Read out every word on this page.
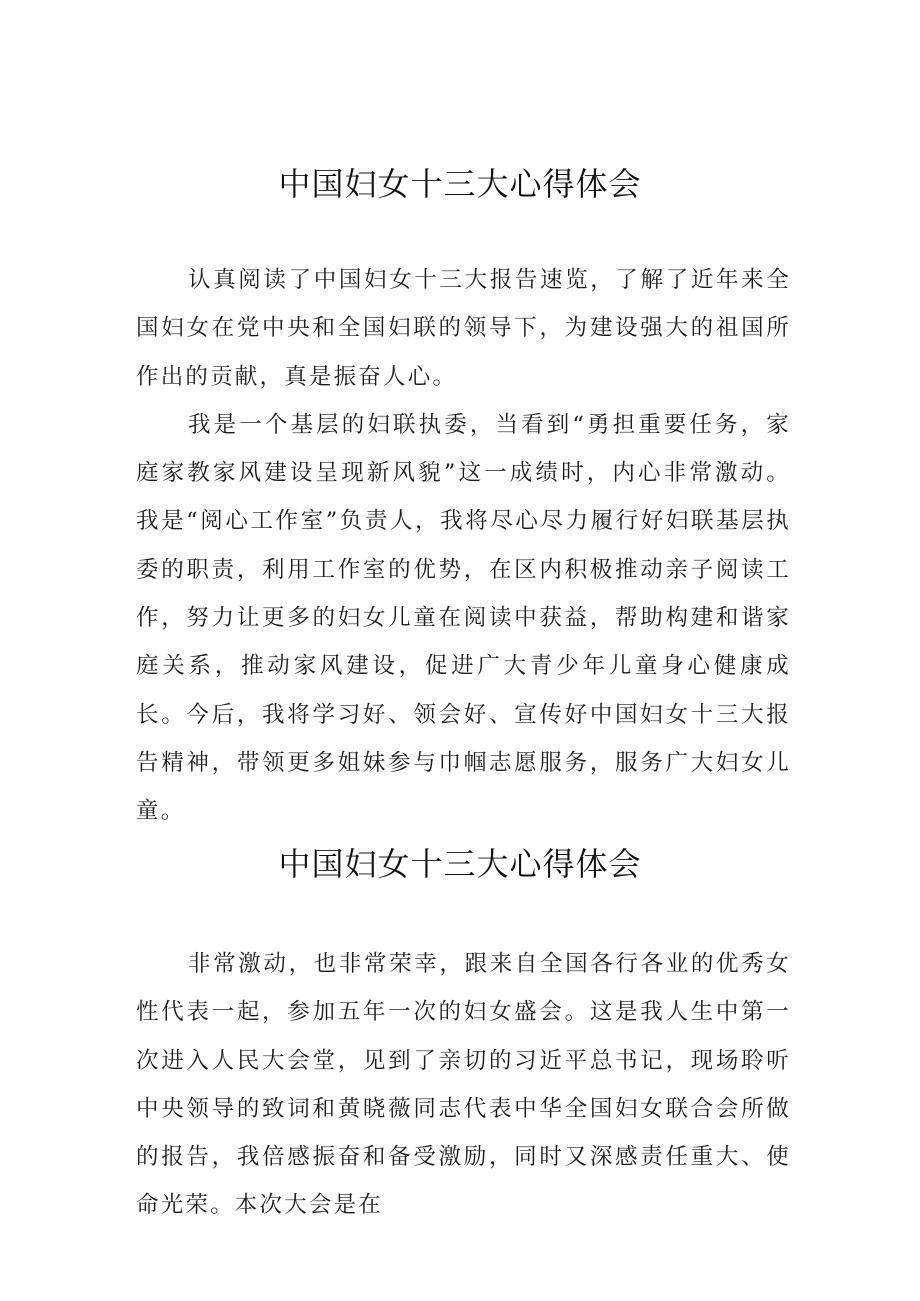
中国妇女十三大心得体会

认真阅读了中国妇女十三大报告速览，了解了近年来全国妇女在党中央和全国妇联的领导下，为建设强大的祖国所作出的贡献，真是振奋人心。

我是一个基层的妇联执委，当看到“勇担重要任务，家庭家教家风建设呈现新风貌”这一成绩时，内心非常激动。我是“阅心工作室”负责人，我将尽心尽力履行好妇联基层执委的职责，利用工作室的优势，在区内积极推动亲子阅读工作，努力让更多的妇女儿童在阅读中获益，帮助构建和谐家庭关系，推动家风建设，促进广大青少年儿童身心健康成长。今后，我将学习好、领会好、宣传好中国妇女十三大报告精神，带领更多姐妹参与巾帼志愿服务，服务广大妇女儿童。

中国妇女十三大心得体会

非常激动，也非常荣幸，跟来自全国各行各业的优秀女性代表一起，参加五年一次的妇女盛会。这是我人生中第一次进入人民大会堂，见到了亲切的习近平总书记，现场聆听中央领导的致词和黄晓薇同志代表中华全国妇女联合会所做的报告，我倍感振奋和备受激励，同时又深感责任重大、使命光荣。本次大会是在
